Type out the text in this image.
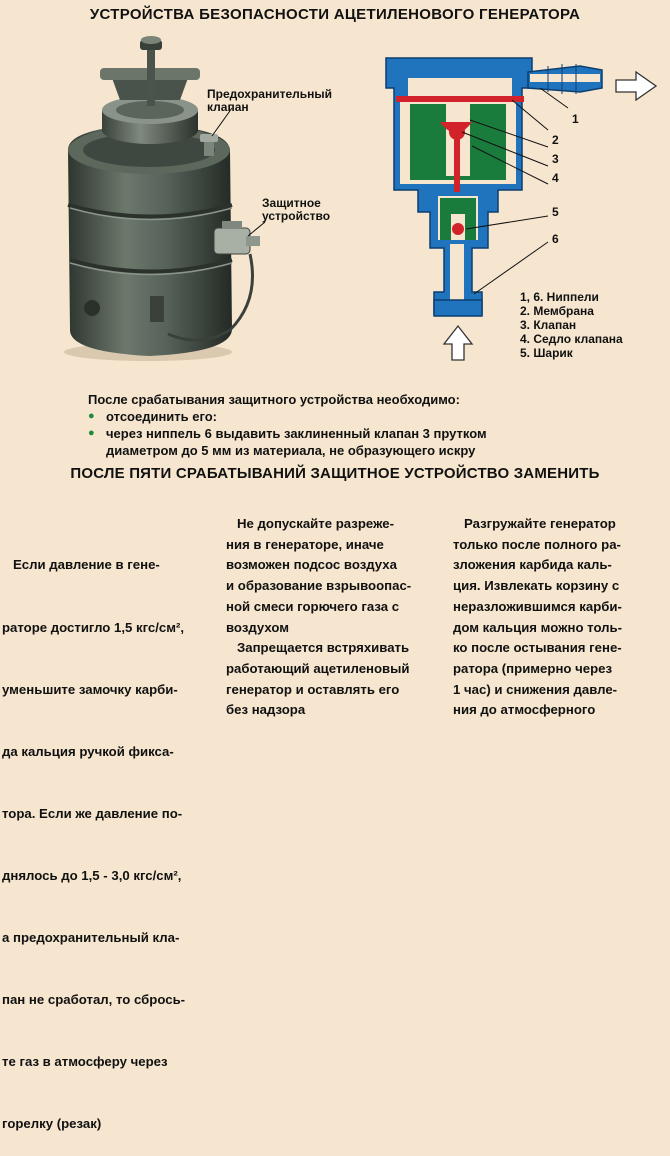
УСТРОЙСТВА БЕЗОПАСНОСТИ АЦЕТИЛЕНОВОГО ГЕНЕРАТОРА
Предохранительный
клапан
Защитное
устройство
1
2
3
4
5
6
1, 6. Ниппели
2. Мембрана
3. Клапан
4. Седло клапана
5. Шарик
После срабатывания защитного устройства необходимо:
● отсоединить его:
● через ниппель 6 выдавить заклиненный клапан 3 прутком
диаметром до 5 мм из материала, не образующего искру
ПОСЛЕ ПЯТИ СРАБАТЫВАНИЙ ЗАЩИТНОЕ УСТРОЙСТВО ЗАМЕНИТЬ

Если давление в гене-

раторе достигло 1,5 кгс/см²,

уменьшите замочку карби-

да кальция ручкой фикса-

тора. Если же давление по-

днялось до 1,5 - 3,0 кгс/см²,

а предохранительный кла-

пан не сработал, то сбрось-

те газ в атмосферу через

горелку (резак)

Не допускайте разреже-
ния в генераторе, иначе
возможен подсос воздуха
и образование взрывоопас-
ной смеси горючего газа с
воздухом
Запрещается встряхивать
работающий ацетиленовый
генератор и оставлять его
без надзора
Разгружайте генератор
только после полного ра-
зложения карбида каль-
ция. Извлекать корзину с
неразложившимся карби-
дом кальция можно толь-
ко после остывания гене-
ратора (примерно через
1 час) и снижения давле-
ния до атмосферного
